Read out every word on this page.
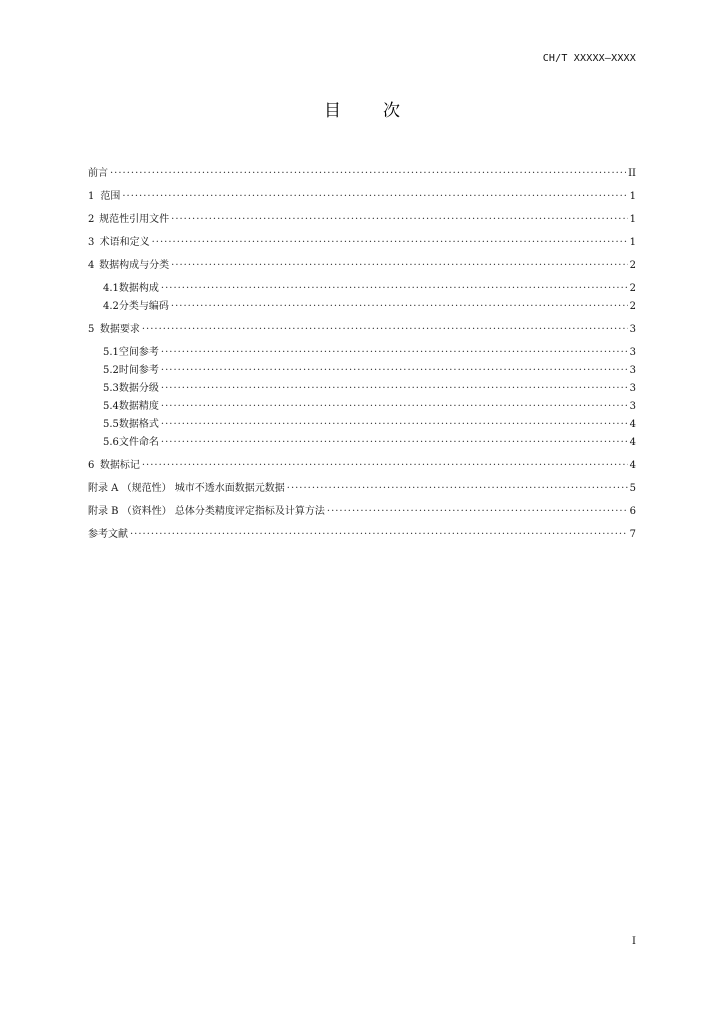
CH/T XXXXX—XXXX
目次
前言 ·····	II
1 范围 ·····	1
2 规范性引用文件 ·····	1
3 术语和定义 ·····	1
4 数据构成与分类 ·····	2
4.1 数据构成 ·····	2
4.2 分类与编码 ·····	2
5 数据要求 ·····	3
5.1 空间参考 ·····	3
5.2 时间参考 ·····	3
5.3 数据分级 ·····	3
5.4 数据精度 ·····	3
5.5 数据格式 ·····	4
5.6 文件命名 ·····	4
6 数据标记 ·····	4
附录 A （规范性） 城市不透水面数据元数据 ·····	5
附录 B （资料性） 总体分类精度评定指标及计算方法 ·····	6
参考文献 ·····	7
I
